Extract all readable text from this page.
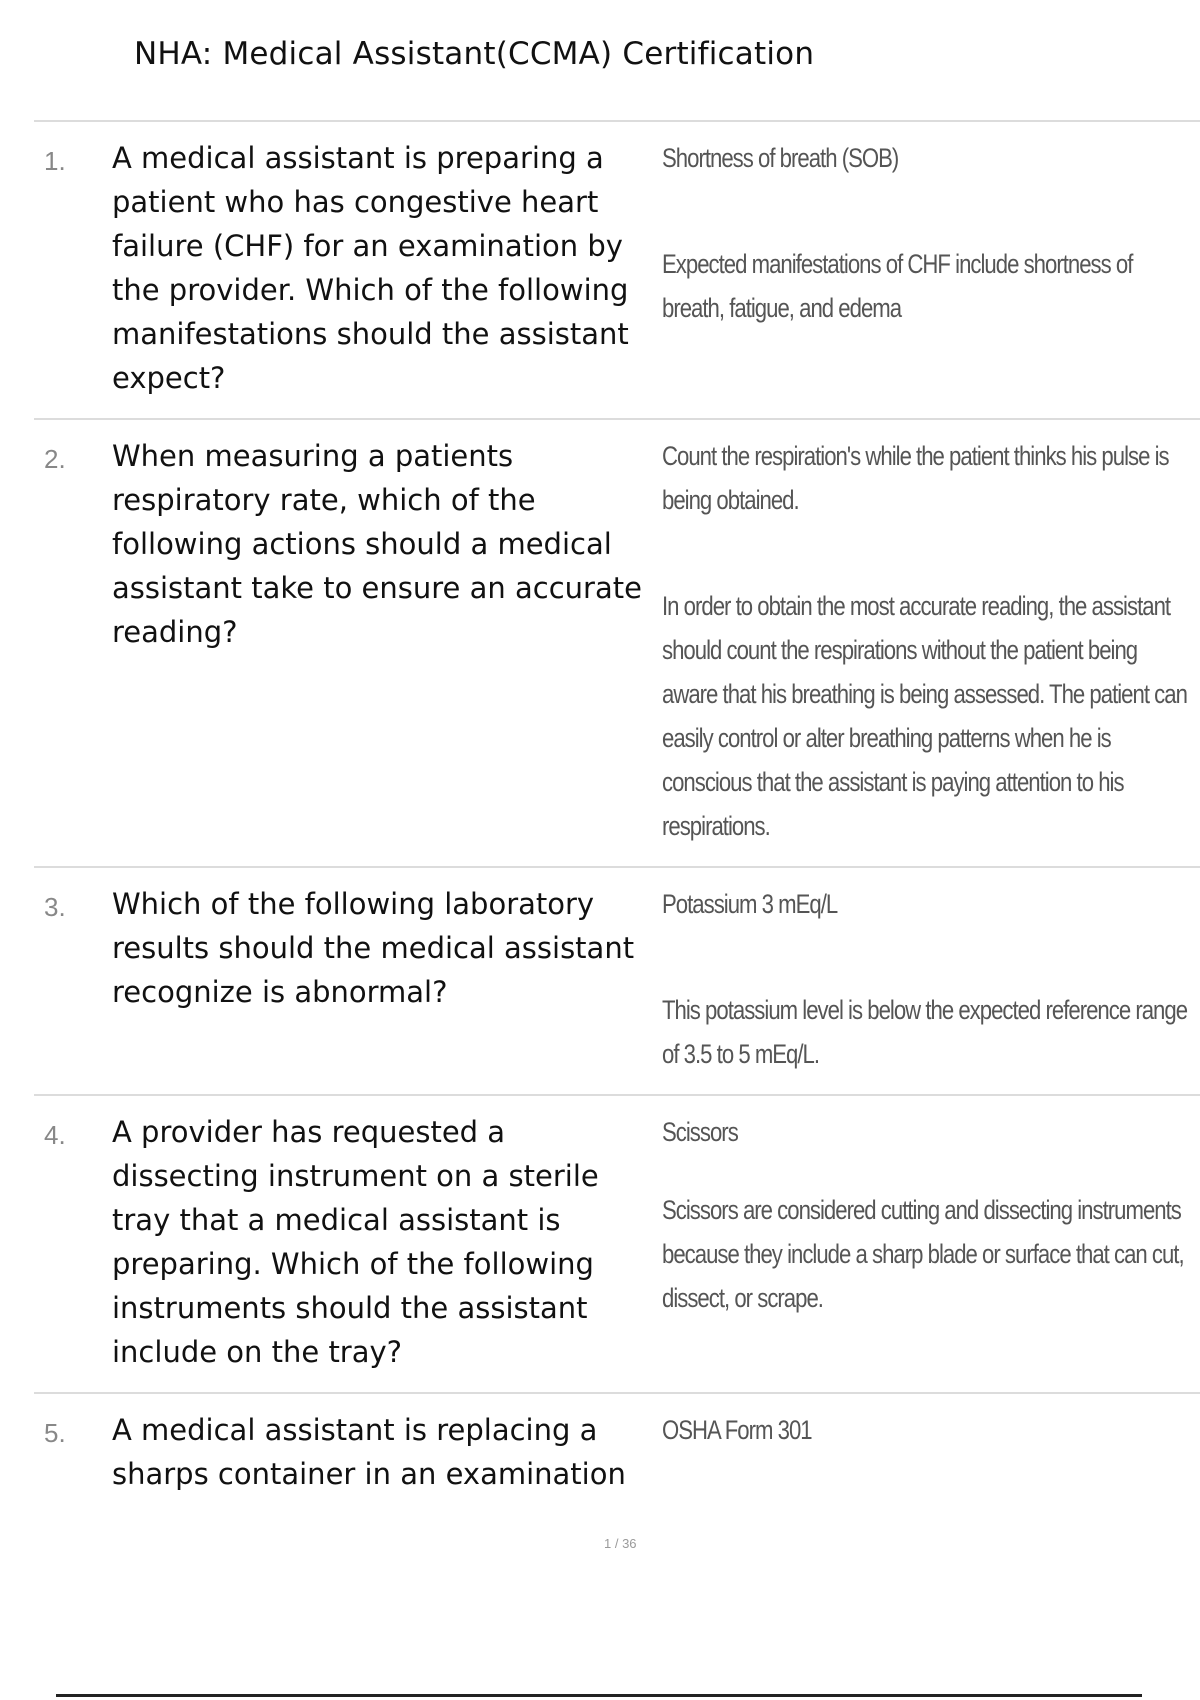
NHA: Medical Assistant(CCMA) Certification
1.	A medical assistant is preparing a patient who has congestive heart failure (CHF) for an examination by the provider. Which of the following manifestations should the assistant expect?
Shortness of breath (SOB)
Expected manifestations of CHF include shortness of breath, fatigue, and edema
2.	When measuring a patients respiratory rate, which of the following actions should a medical assistant take to ensure an accurate reading?
Count the respiration's while the patient thinks his pulse is being obtained.
In order to obtain the most accurate reading, the assistant should count the respirations without the patient being aware that his breathing is being assessed. The patient can easily control or alter breathing patterns when he is conscious that the assistant is paying attention to his respirations.
3.	Which of the following laboratory results should the medical assistant recognize is abnormal?
Potassium 3 mEq/L
This potassium level is below the expected reference range of 3.5 to 5 mEq/L.
4.	A provider has requested a dissecting instrument on a sterile tray that a medical assistant is preparing. Which of the following instruments should the assistant include on the tray?
Scissors
Scissors are considered cutting and dissecting instruments because they include a sharp blade or surface that can cut, dissect, or scrape.
5.	A medical assistant is replacing a sharps container in an examination
OSHA Form 301
1 / 36
